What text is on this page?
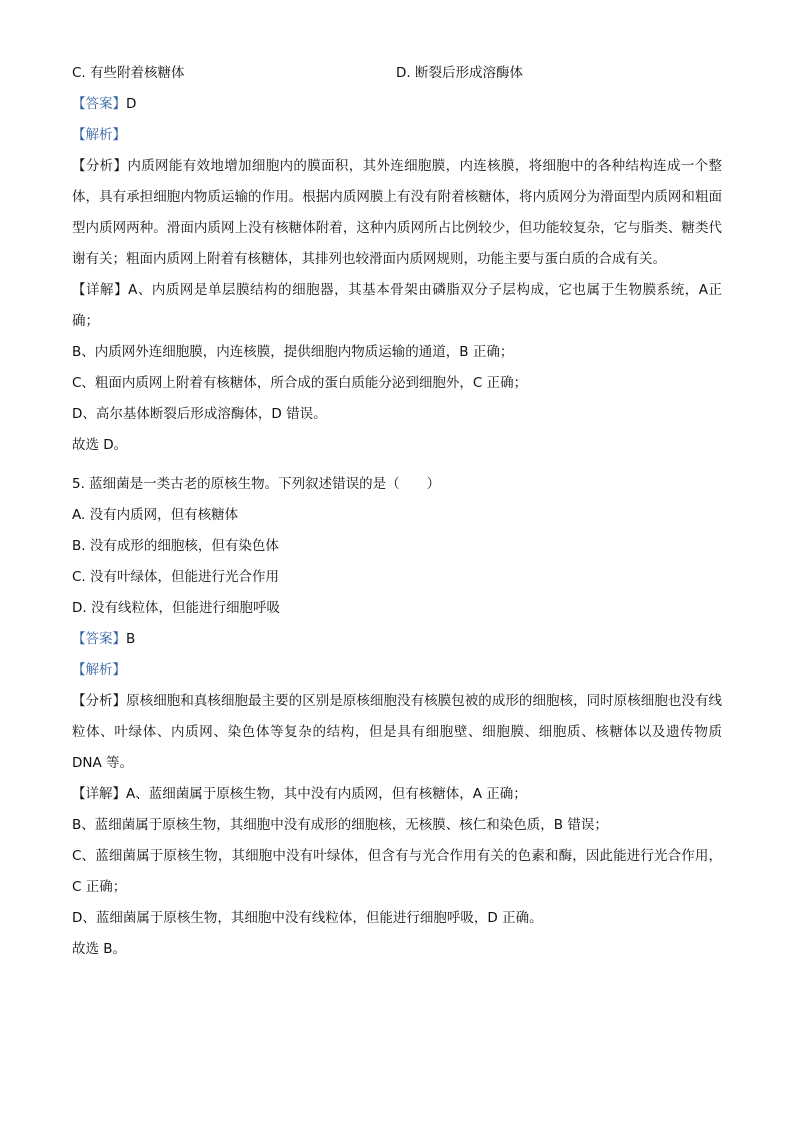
C. 有些附着核糖体	D. 断裂后形成溶酶体
【答案】D
【解析】

【分析】内质网能有效地增加细胞内的膜面积，其外连细胞膜，内连核膜，将细胞中的各种结构连成一个整体，具有承担细胞内物质运输的作用。根据内质网膜上有没有附着核糖体，将内质网分为滑面型内质网和粗面型内质网两种。滑面内质网上没有核糖体附着，这种内质网所占比例较少，但功能较复杂，它与脂类、糖类代谢有关；粗面内质网上附着有核糖体，其排列也较滑面内质网规则，功能主要与蛋白质的合成有关。

【详解】A、内质网是单层膜结构的细胞器，其基本骨架由磷脂双分子层构成，它也属于生物膜系统，A正确；

B、内质网外连细胞膜，内连核膜，提供细胞内物质运输的通道，B 正确；
C、粗面内质网上附着有核糖体，所合成的蛋白质能分泌到细胞外，C 正确；
D、高尔基体断裂后形成溶酶体，D 错误。
故选 D。
5. 蓝细菌是一类古老的原核生物。下列叙述错误的是（　　）
A. 没有内质网，但有核糖体
B. 没有成形的细胞核，但有染色体
C. 没有叶绿体，但能进行光合作用
D. 没有线粒体，但能进行细胞呼吸
【答案】B
【解析】

【分析】原核细胞和真核细胞最主要的区别是原核细胞没有核膜包被的成形的细胞核，同时原核细胞也没有线粒体、叶绿体、内质网、染色体等复杂的结构，但是具有细胞壁、细胞膜、细胞质、核糖体以及遗传物质 DNA 等。

【详解】A、蓝细菌属于原核生物，其中没有内质网，但有核糖体，A 正确；

B、蓝细菌属于原核生物，其细胞中没有成形的细胞核，无核膜、核仁和染色质，B 错误；

C、蓝细菌属于原核生物，其细胞中没有叶绿体，但含有与光合作用有关的色素和酶，因此能进行光合作用，C 正确；

D、蓝细菌属于原核生物，其细胞中没有线粒体，但能进行细胞呼吸，D 正确。
故选 B。
